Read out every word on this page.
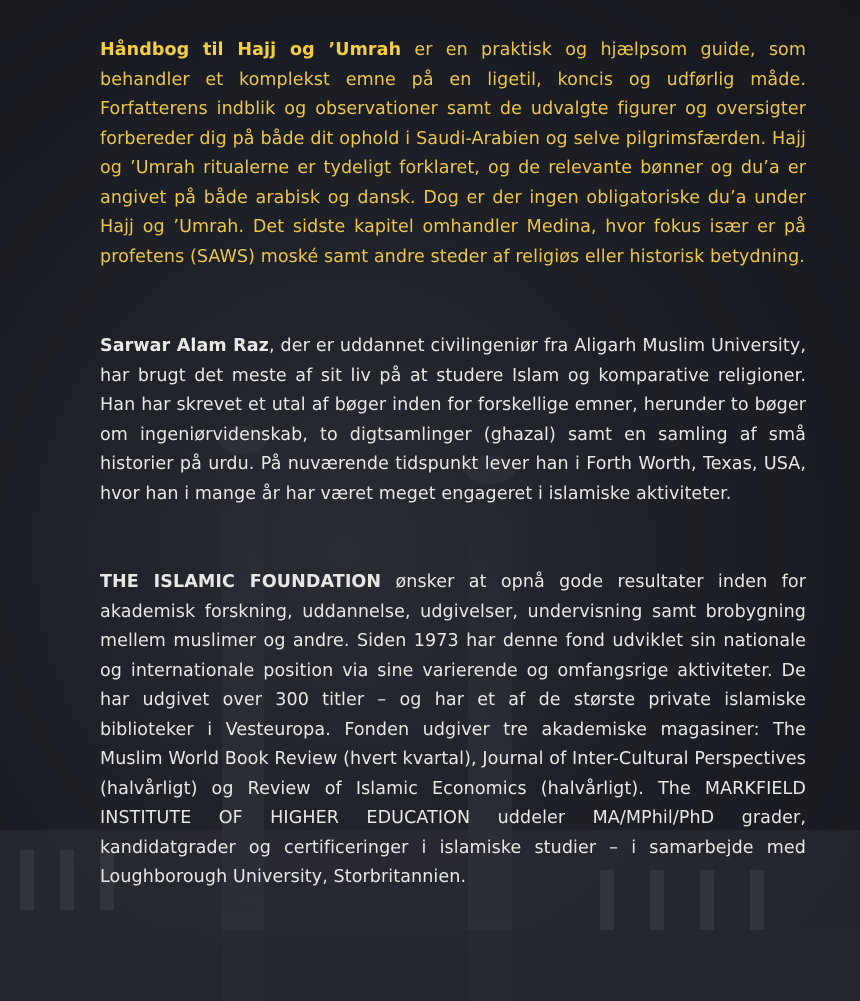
Håndbog til Hajj og ’Umrah er en praktisk og hjælpsom guide, som behandler et komplekst emne på en ligetil, koncis og udførlig måde. Forfatterens indblik og observationer samt de udvalgte figurer og oversigter forbereder dig på både dit ophold i Saudi-Arabien og selve pilgrimsfærden. Hajj og ’Umrah ritualerne er tydeligt forklaret, og de relevante bønner og du’a er angivet på både arabisk og dansk. Dog er der ingen obligatoriske du’a under Hajj og ’Umrah. Det sidste kapitel omhandler Medina, hvor fokus især er på profetens (SAWS) moské samt andre steder af religiøs eller historisk betydning.
Sarwar Alam Raz, der er uddannet civilingeniør fra Aligarh Muslim University, har brugt det meste af sit liv på at studere Islam og komparative religioner. Han har skrevet et utal af bøger inden for forskellige emner, herunder to bøger om ingeniørvidenskab, to digtsamlinger (ghazal) samt en samling af små historier på urdu. På nuværende tidspunkt lever han i Forth Worth, Texas, USA, hvor han i mange år har været meget engageret i islamiske aktiviteter.
THE ISLAMIC FOUNDATION ønsker at opnå gode resultater inden for akademisk forskning, uddannelse, udgivelser, undervisning samt brobygning mellem muslimer og andre. Siden 1973 har denne fond udviklet sin nationale og internationale position via sine varierende og omfangsrige aktiviteter. De har udgivet over 300 titler – og har et af de største private islamiske biblioteker i Vesteuropa. Fonden udgiver tre akademiske magasiner: The Muslim World Book Review (hvert kvartal), Journal of Inter-Cultural Perspectives (halvårligt) og Review of Islamic Economics (halvårligt). The MARKFIELD INSTITUTE OF HIGHER EDUCATION uddeler MA/MPhil/PhD grader, kandidatgrader og certificeringer i islamiske studier – i samarbejde med Loughborough University, Storbritannien.
